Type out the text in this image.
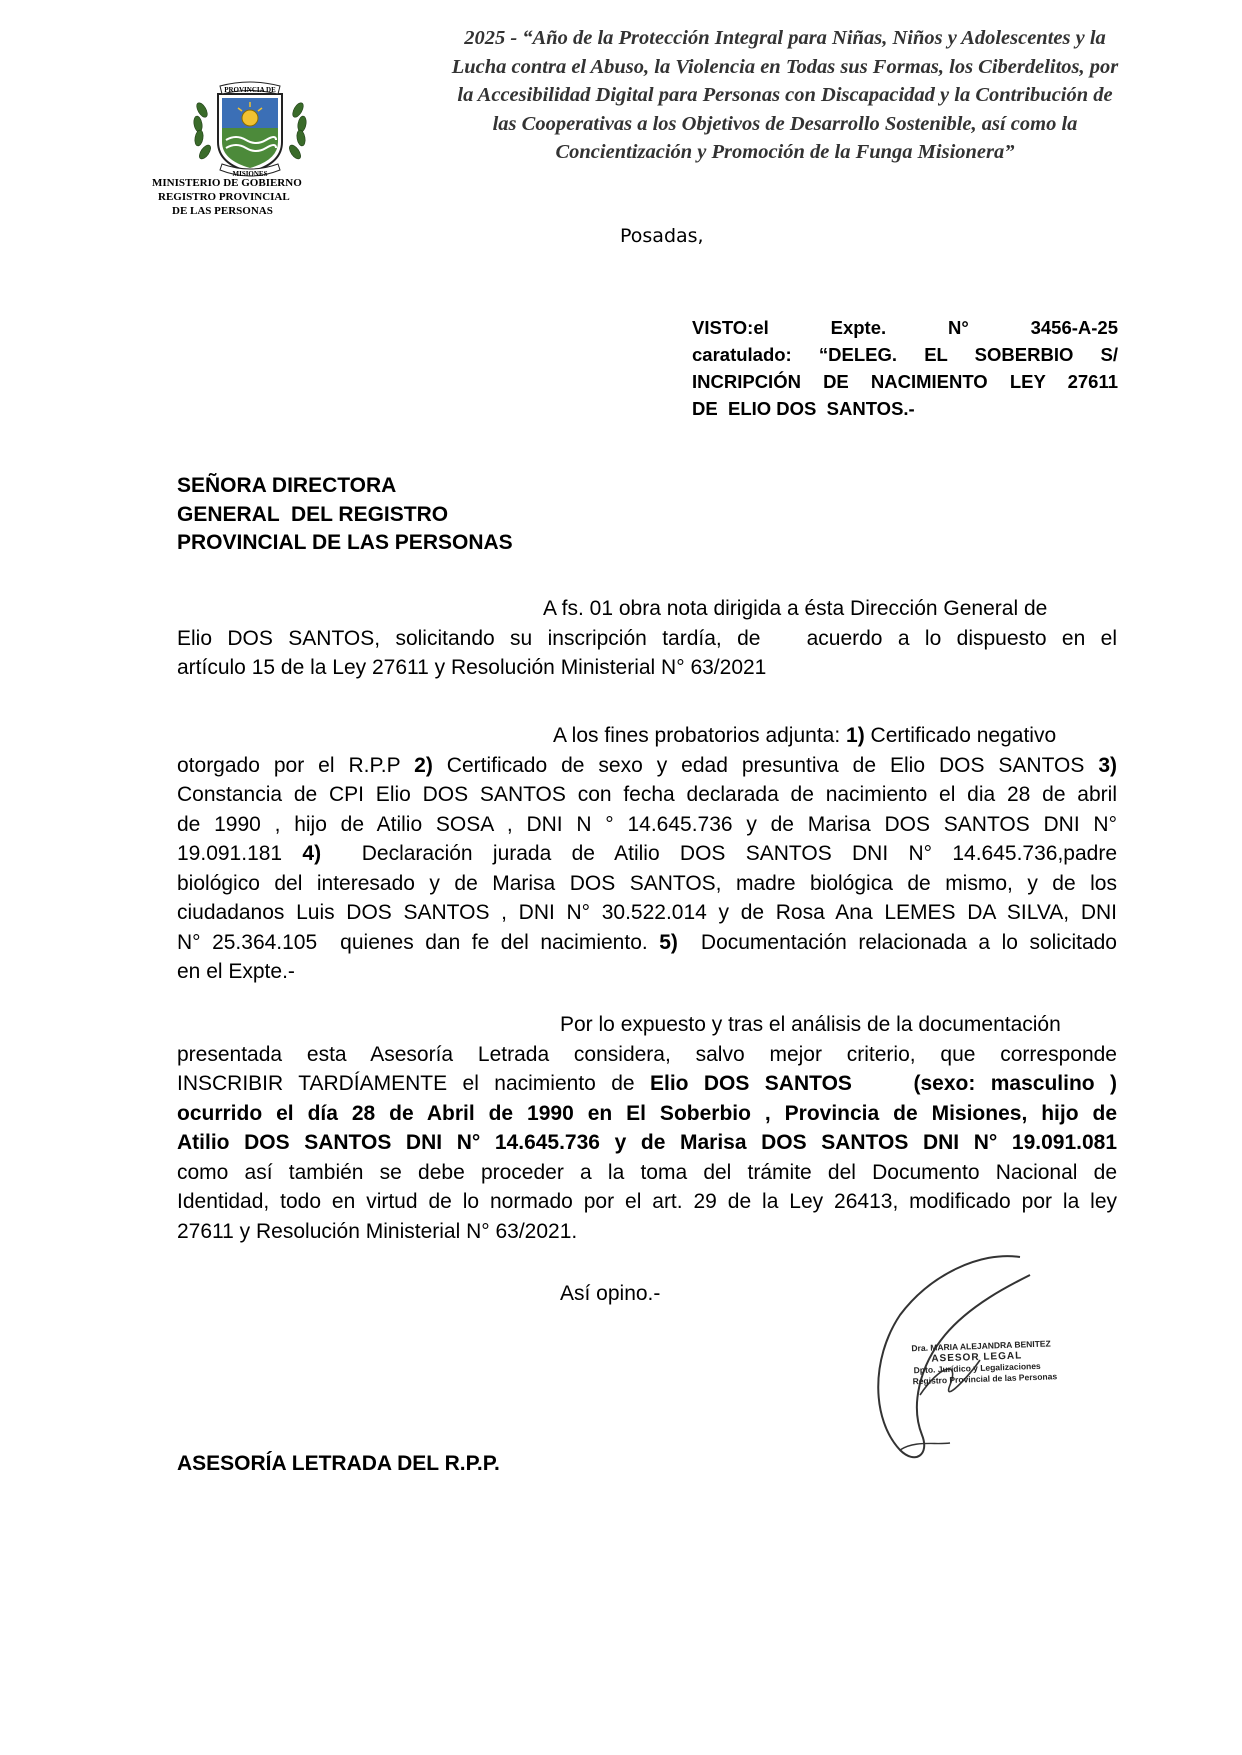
2025 - “Año de la Protección Integral para Niñas, Niños y Adolescentes y la
Lucha contra el Abuso, la Violencia en Todas sus Formas, los Ciberdelitos, por
la Accesibilidad Digital para Personas con Discapacidad y la Contribución de
las Cooperativas a los Objetivos de Desarrollo Sostenible, así como la
Concientización y Promoción de la Funga Misionera”
PROVINCIA DE
MISIONES
MINISTERIO DE GOBIERNO
REGISTRO PROVINCIAL
DE LAS PERSONAS
Posadas,
VISTO:el	Expte.	N°	3456-A-25
caratulado: “DELEG. EL SOBERBIO S/
INCRIPCIÓN DE NACIMIENTO LEY 27611
DE  ELIO DOS  SANTOS.-
SEÑORA DIRECTORA
GENERAL  DEL REGISTRO
PROVINCIAL DE LAS PERSONAS
A fs. 01 obra nota dirigida a ésta Dirección General de
Elio DOS SANTOS, solicitando su inscripción tardía, de   acuerdo a lo dispuesto en el
artículo 15 de la Ley 27611 y Resolución Ministerial N° 63/2021
A los fines probatorios adjunta: 1) Certificado negativo
otorgado por el R.P.P 2) Certificado de sexo y edad presuntiva de Elio DOS SANTOS 3)
Constancia de CPI Elio DOS SANTOS con fecha declarada de nacimiento el dia 28 de abril
de 1990 , hijo de Atilio SOSA , DNI N ° 14.645.736 y de Marisa DOS SANTOS DNI N°
19.091.181 4)  Declaración jurada de Atilio DOS SANTOS DNI N° 14.645.736,padre
biológico del interesado y de Marisa DOS SANTOS, madre biológica de mismo, y de los
ciudadanos Luis DOS SANTOS , DNI N° 30.522.014 y de Rosa Ana LEMES DA SILVA, DNI
N° 25.364.105  quienes dan fe del nacimiento. 5)  Documentación relacionada a lo solicitado
en el Expte.-
Por lo expuesto y tras el análisis de la documentación
presentada esta Asesoría Letrada considera, salvo mejor criterio, que corresponde
INSCRIBIR TARDÍAMENTE el nacimiento de Elio DOS SANTOS    (sexo: masculino )
ocurrido el día 28 de Abril de 1990 en El Soberbio , Provincia de Misiones, hijo de
Atilio DOS SANTOS DNI N° 14.645.736 y de Marisa DOS SANTOS DNI N° 19.091.081
como así también se debe proceder a la toma del trámite del Documento Nacional de
Identidad, todo en virtud de lo normado por el art. 29 de la Ley 26413, modificado por la ley
27611 y Resolución Ministerial N° 63/2021.
Así opino.-
Dra. MARIA ALEJANDRA BENITEZ
ASESOR LEGAL
Dpto. Jurídico y Legalizaciones
Registro Provincial de las Personas
ASESORÍA LETRADA DEL R.P.P.
